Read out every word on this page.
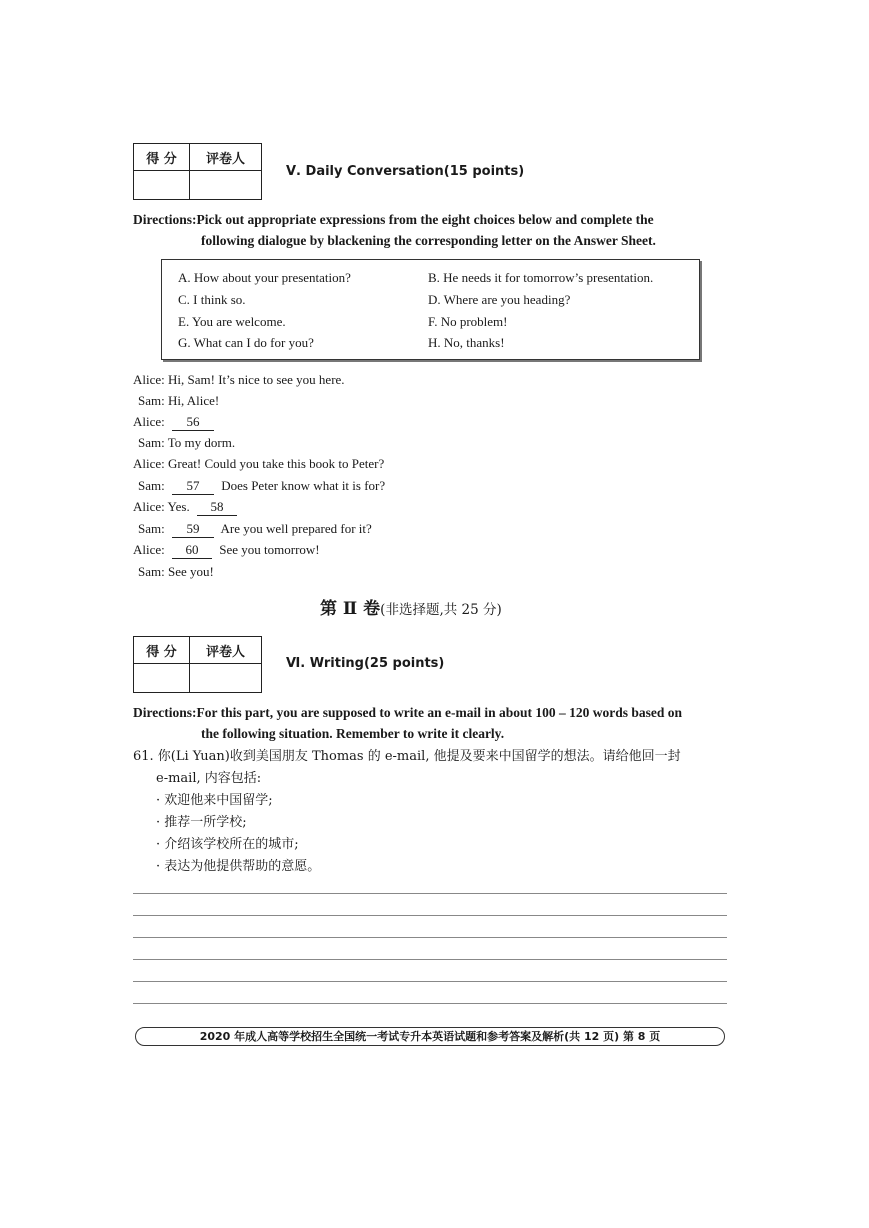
得 分	评卷人

Ⅴ. Daily Conversation(15 points)
Directions:Pick out appropriate expressions from the eight choices below and complete the
following dialogue by blackening the corresponding letter on the Answer Sheet.
A. How about your presentation?	B. He needs it for tomorrow’s presentation.
C. I think so.	D. Where are you heading?
E. You are welcome.	F. No problem!
G. What can I do for you?	H. No, thanks!
Alice: Hi, Sam! It’s nice to see you here.
Sam: Hi, Alice!
Alice: 56
Sam: To my dorm.
Alice: Great! Could you take this book to Peter?
Sam: 57 Does Peter know what it is for?
Alice: Yes. 58
Sam: 59 Are you well prepared for it?
Alice: 60 See you tomorrow!
Sam: See you!
第 Ⅱ 卷(非选择题,共 25 分)
得 分	评卷人

Ⅵ. Writing(25 points)
Directions:For this part, you are supposed to write an e-mail in about 100 – 120 words based on
the following situation. Remember to write it clearly.
61. 你(Li Yuan)收到美国朋友 Thomas 的 e-mail, 他提及要来中国留学的想法。请给他回一封
e-mail, 内容包括:
· 欢迎他来中国留学;
· 推荐一所学校;
· 介绍该学校所在的城市;
· 表达为他提供帮助的意愿。
2020 年成人高等学校招生全国统一考试专升本英语试题和参考答案及解析(共 12 页) 第 8 页
